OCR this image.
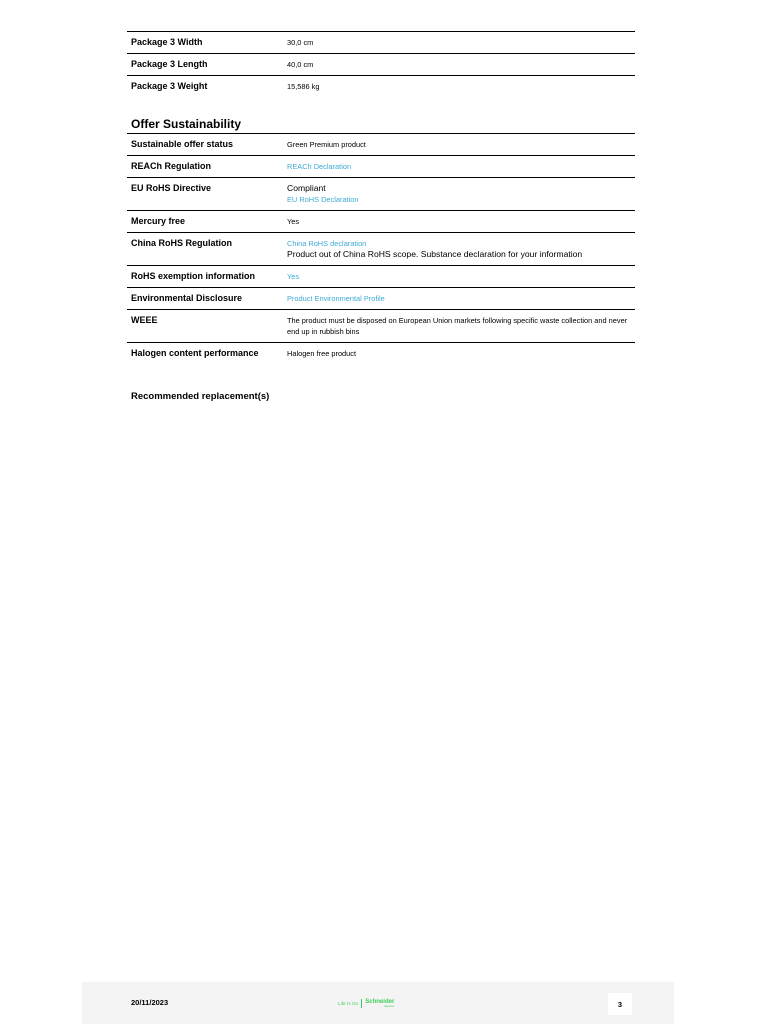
Package 3 Width	30,0 cm
Package 3 Length	40,0 cm
Package 3 Weight	15,586 kg
Offer Sustainability
Sustainable offer status	Green Premium product
REACh Regulation	REACh Declaration
EU RoHS Directive	Compliant
EU RoHS Declaration
Mercury free	Yes
China RoHS Regulation	China RoHS declaration
Product out of China RoHS scope. Substance declaration for your information
RoHS exemption information	Yes
Environmental Disclosure	Product Environmental Profile
WEEE	The product must be disposed on European Union markets following specific waste collection and never end up in rubbish bins
Halogen content performance	Halogen free product
Recommended replacement(s)
20/11/2023	Life Is On Schneider
Electric	3
